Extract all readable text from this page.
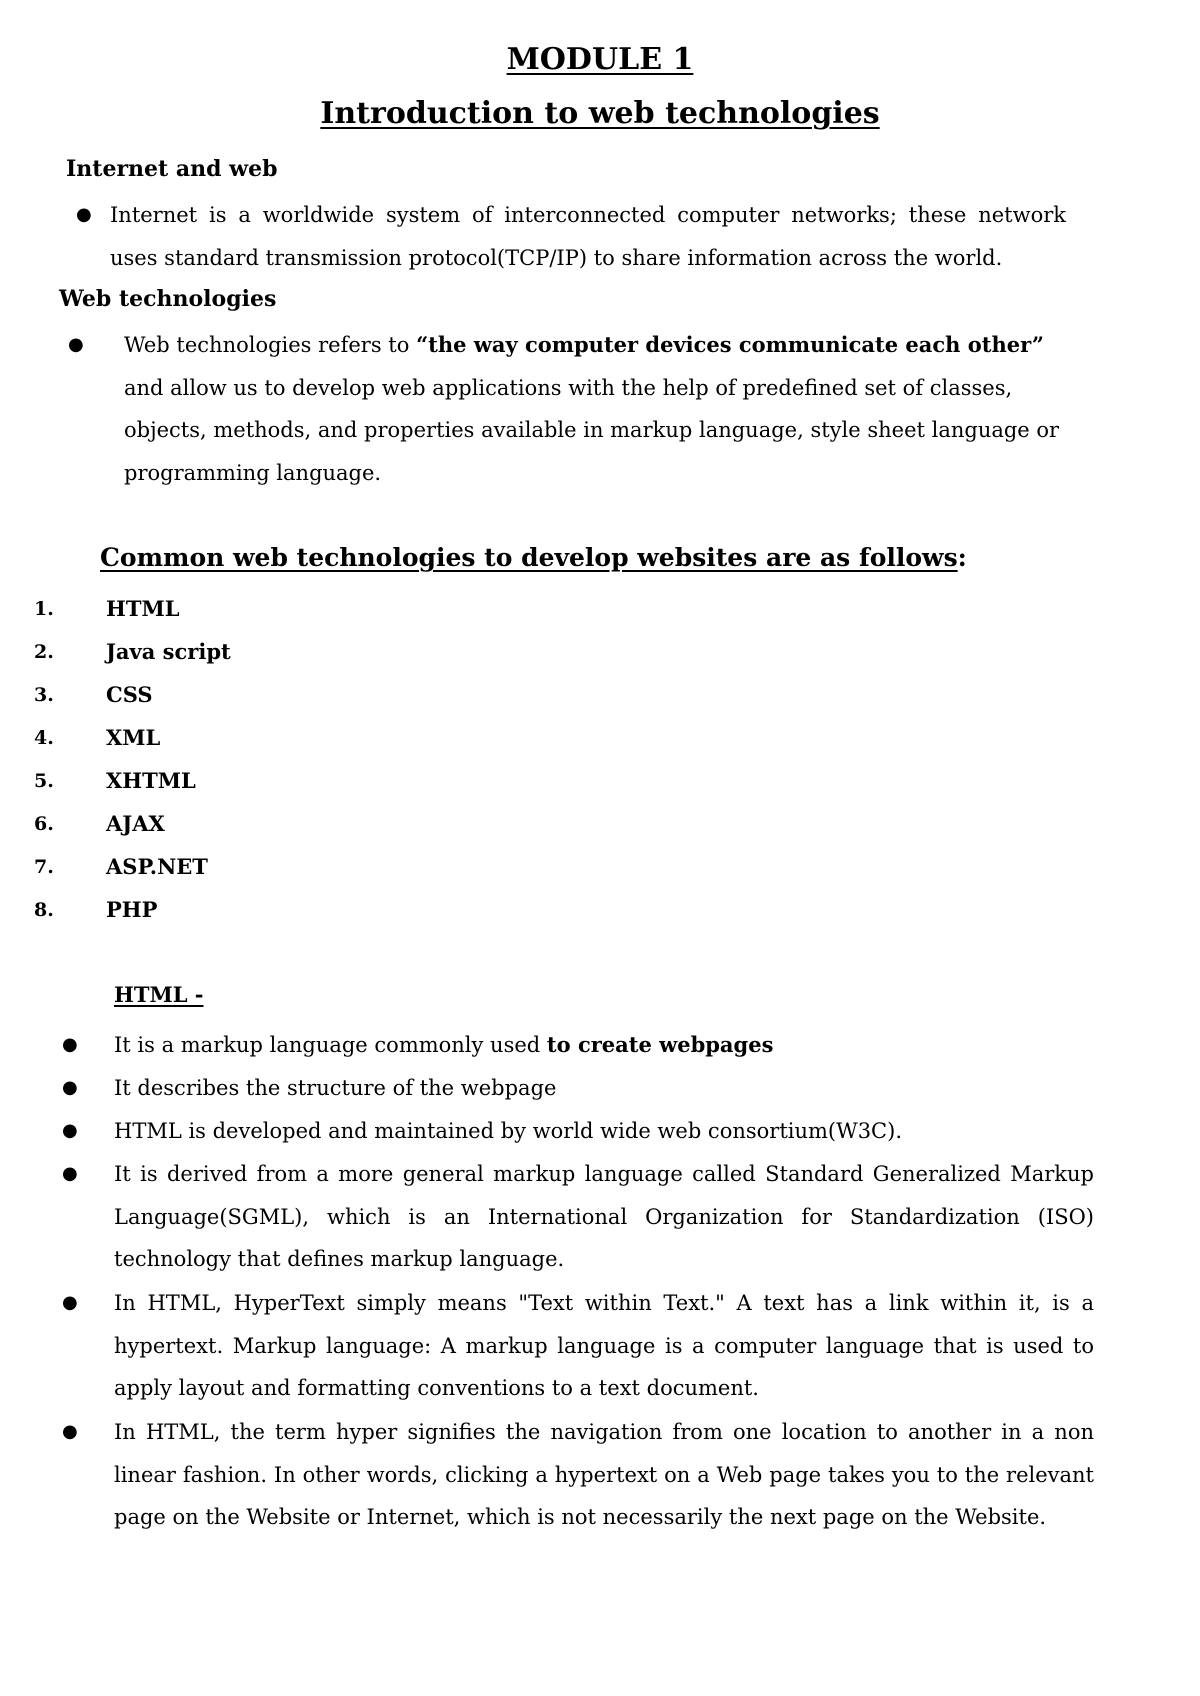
MODULE 1
Introduction to web technologies
Internet and web
● Internet is a worldwide system of interconnected computer networks; these network uses standard transmission protocol(TCP/IP) to share information across the world.
Web technologies
● Web technologies refers to “the way computer devices communicate each other” and allow us to develop web applications with the help of predefined set of classes, objects, methods, and properties available in markup language, style sheet language or programming language.
Common web technologies to develop websites are as follows:
1. HTML
2. Java script
3. CSS
4. XML
5. XHTML
6. AJAX
7. ASP.NET
8. PHP
HTML -
● It is a markup language commonly used to create webpages
● It describes the structure of the webpage
● HTML is developed and maintained by world wide web consortium(W3C).
● It is derived from a more general markup language called Standard Generalized Markup Language(SGML), which is an International Organization for Standardization (ISO) technology that defines markup language.
● In HTML, HyperText simply means "Text within Text." A text has a link within it, is a hypertext. Markup language: A markup language is a computer language that is used to apply layout and formatting conventions to a text document.
● In HTML, the term hyper signifies the navigation from one location to another in a non linear fashion. In other words, clicking a hypertext on a Web page takes you to the relevant page on the Website or Internet, which is not necessarily the next page on the Website.
